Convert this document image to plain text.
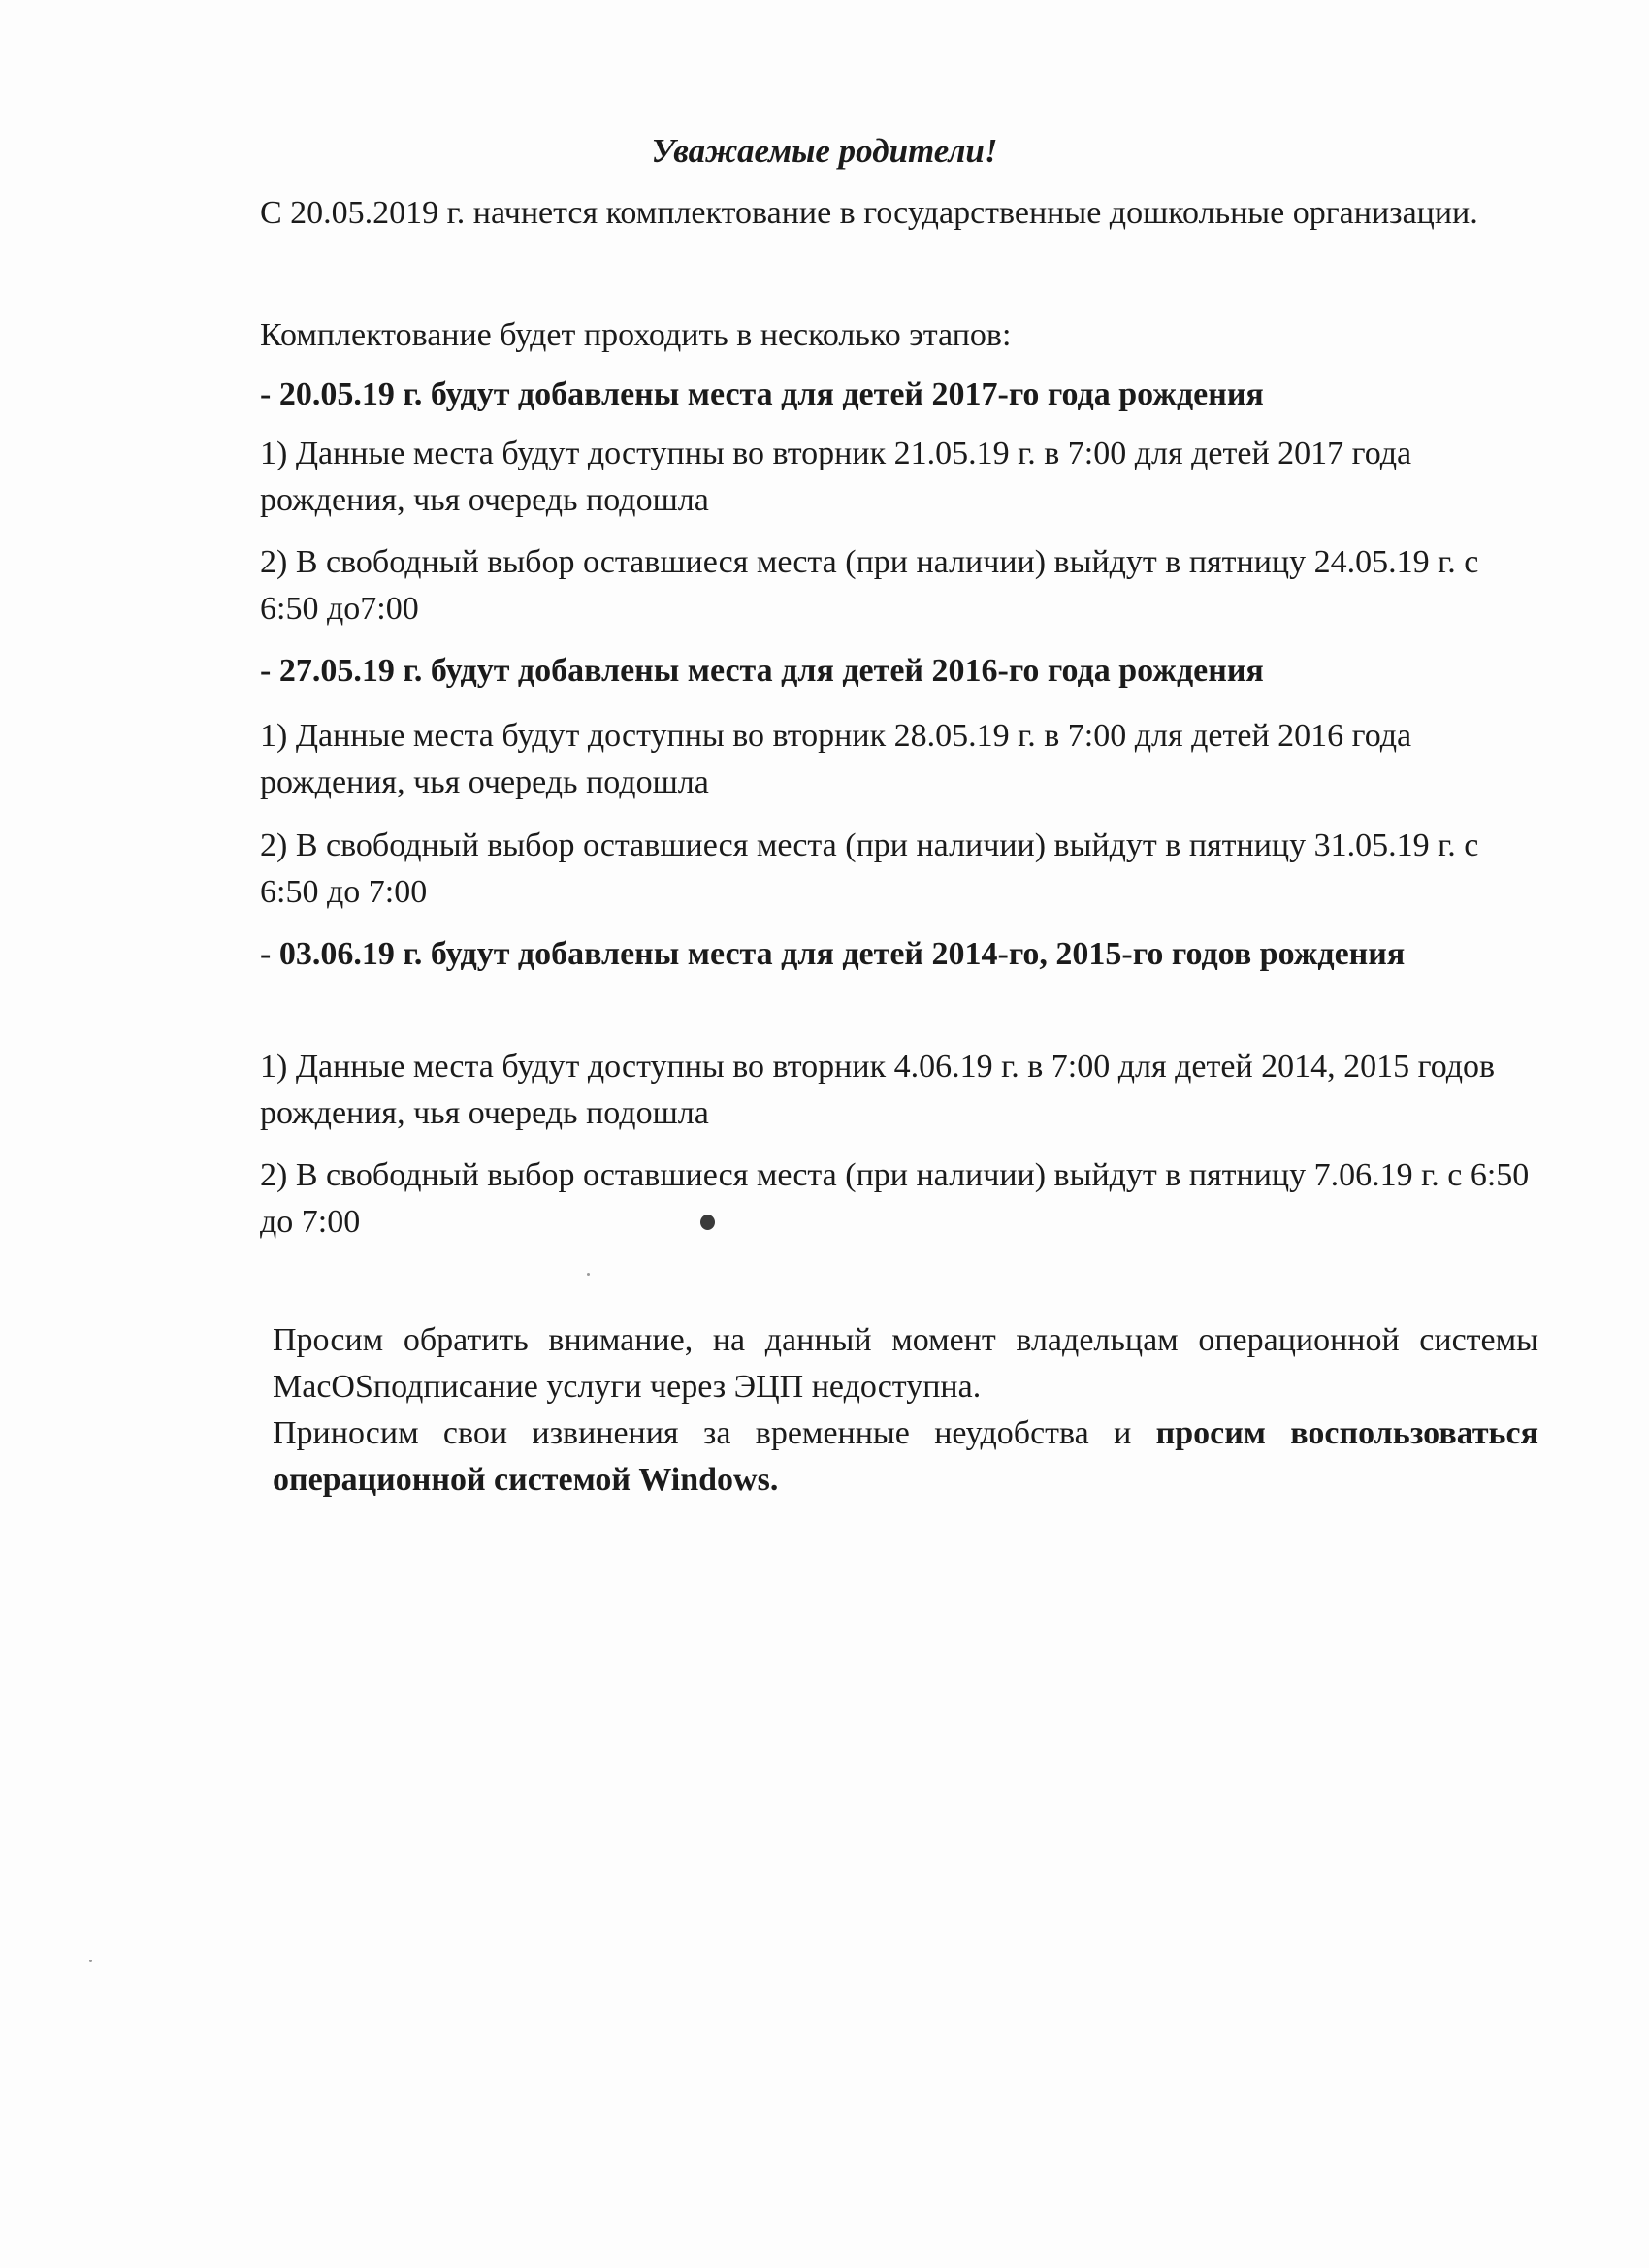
Уважаемые родители!
С 20.05.2019 г. начнется комплектование в государственные дошкольные организации.
Комплектование будет проходить в несколько этапов:
- 20.05.19 г. будут добавлены места для детей 2017-го года рождения
1) Данные места будут доступны во вторник 21.05.19 г. в 7:00 для детей 2017 года рождения, чья очередь подошла
2) В свободный выбор оставшиеся места (при наличии) выйдут в пятницу 24.05.19 г. с 6:50 до7:00
- 27.05.19 г. будут добавлены места для детей 2016-го года рождения
1) Данные места будут доступны во вторник 28.05.19 г. в 7:00 для детей 2016 года рождения, чья очередь подошла
2) В свободный выбор оставшиеся места (при наличии) выйдут в пятницу 31.05.19 г. с 6:50 до 7:00
- 03.06.19 г. будут добавлены места для детей 2014-го, 2015-го годов рождения
1) Данные места будут доступны во вторник 4.06.19 г. в 7:00 для детей 2014, 2015 годов рождения, чья очередь подошла
2) В свободный выбор оставшиеся места (при наличии) выйдут в пятницу 7.06.19 г. с 6:50 до 7:00
Просим обратить внимание, на данный момент владельцам операционной системы MacOSподписание услуги через ЭЦП недоступна.
Приносим свои извинения за временные неудобства и просим воспользоваться операционной системой Windows.
